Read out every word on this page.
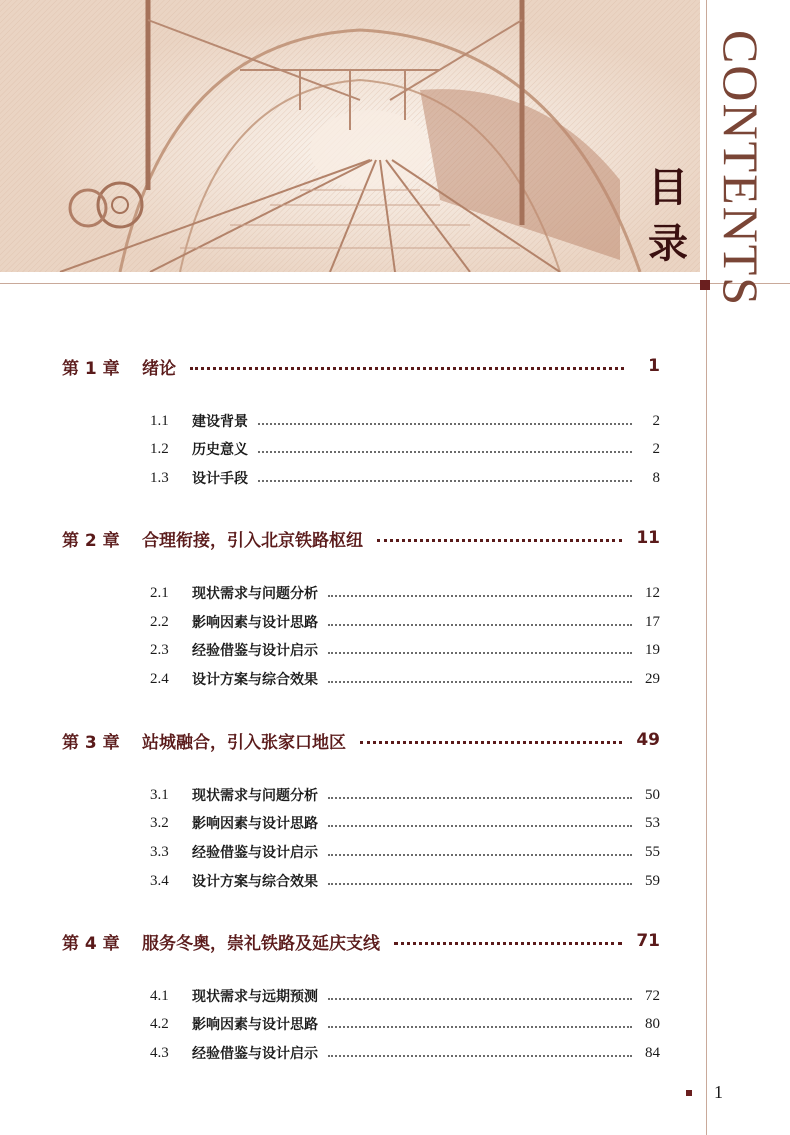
CONTENTS
目
录
第 1 章	绪论	1
1.1	建设背景	2
1.2	历史意义	2
1.3	设计手段	8
第 2 章	合理衔接，引入北京铁路枢纽	11
2.1	现状需求与问题分析	12
2.2	影响因素与设计思路	17
2.3	经验借鉴与设计启示	19
2.4	设计方案与综合效果	29
第 3 章	站城融合，引入张家口地区	49
3.1	现状需求与问题分析	50
3.2	影响因素与设计思路	53
3.3	经验借鉴与设计启示	55
3.4	设计方案与综合效果	59
第 4 章	服务冬奥，崇礼铁路及延庆支线	71
4.1	现状需求与远期预测	72
4.2	影响因素与设计思路	80
4.3	经验借鉴与设计启示	84
1
